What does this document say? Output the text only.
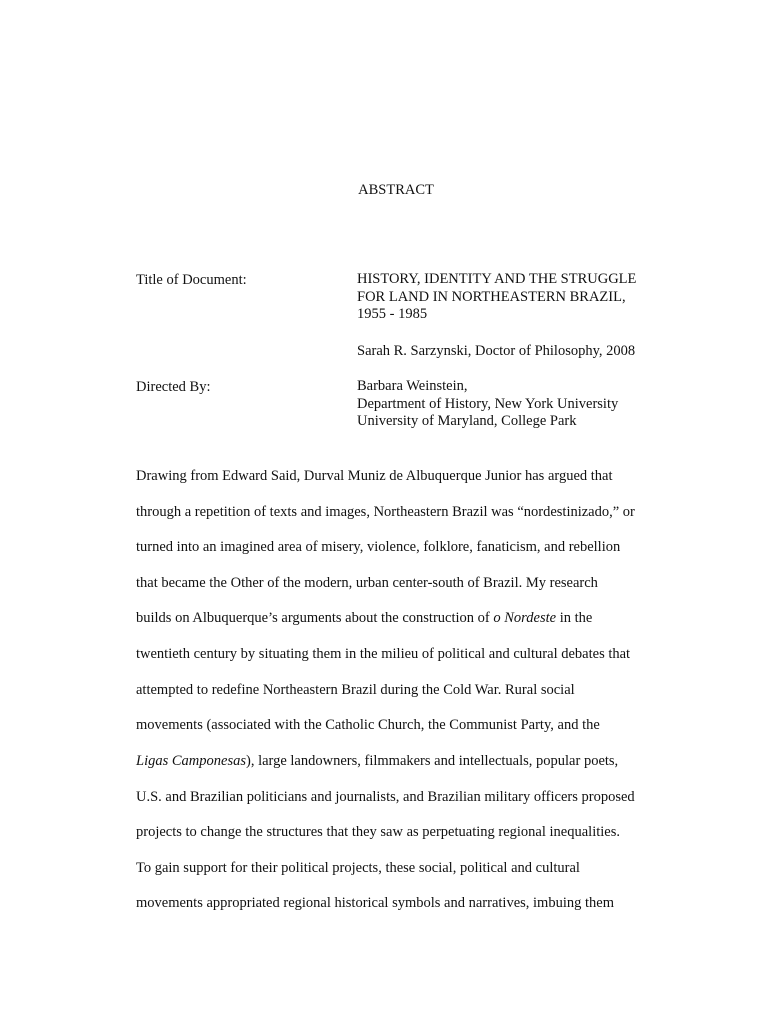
ABSTRACT
Title of Document:	HISTORY, IDENTITY AND THE STRUGGLE
FOR LAND IN NORTHEASTERN BRAZIL,
1955 - 1985
Sarah R. Sarzynski, Doctor of Philosophy, 2008
Directed By:	Barbara Weinstein,
Department of History, New York University
University of Maryland, College Park
Drawing from Edward Said, Durval Muniz de Albuquerque Junior has argued that
through a repetition of texts and images, Northeastern Brazil was “nordestinizado,” or
turned into an imagined area of misery, violence, folklore, fanaticism, and rebellion
that became the Other of the modern, urban center-south of Brazil. My research
builds on Albuquerque’s arguments about the construction of o Nordeste in the
twentieth century by situating them in the milieu of political and cultural debates that
attempted to redefine Northeastern Brazil during the Cold War. Rural social
movements (associated with the Catholic Church, the Communist Party, and the
Ligas Camponesas), large landowners, filmmakers and intellectuals, popular poets,
U.S. and Brazilian politicians and journalists, and Brazilian military officers proposed
projects to change the structures that they saw as perpetuating regional inequalities.
To gain support for their political projects, these social, political and cultural
movements appropriated regional historical symbols and narratives, imbuing them
